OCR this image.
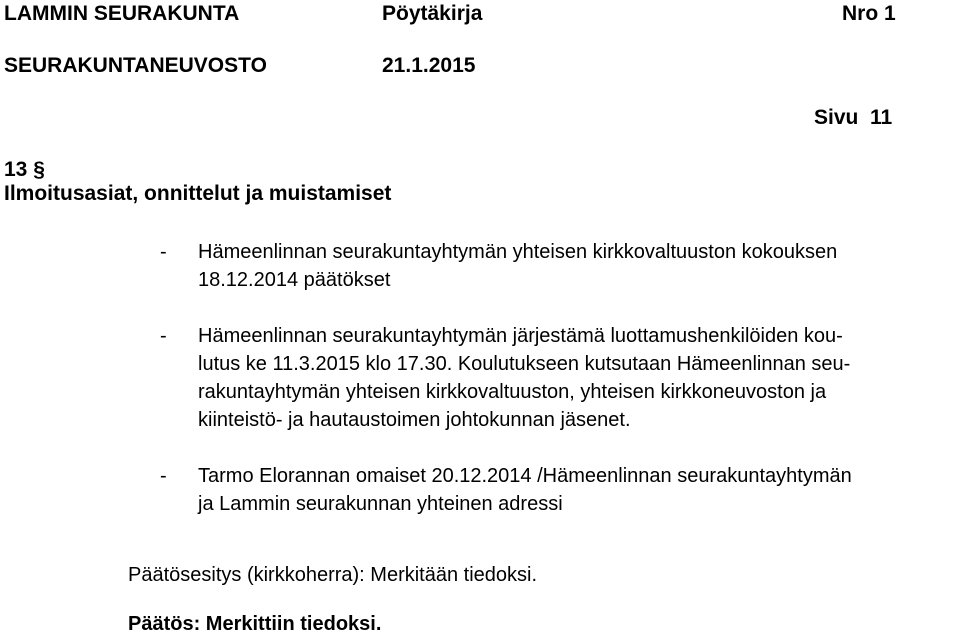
LAMMIN SEURAKUNTA	Pöytäkirja	Nro 1
SEURAKUNTANEUVOSTO	21.1.2015
Sivu  11
13 §
Ilmoitusasiat, onnittelut ja muistamiset
- Hämeenlinnan seurakuntayhtymän yhteisen kirkkovaltuuston kokouksen
18.12.2014 päätökset
- Hämeenlinnan seurakuntayhtymän järjestämä luottamushenkilöiden kou-
lutus ke 11.3.2015 klo 17.30. Koulutukseen kutsutaan Hämeenlinnan seu-
rakuntayhtymän yhteisen kirkkovaltuuston, yhteisen kirkkoneuvoston ja
kiinteistö- ja hautaustoimen johtokunnan jäsenet.
- Tarmo Elorannan omaiset 20.12.2014 /Hämeenlinnan seurakuntayhtymän
ja Lammin seurakunnan yhteinen adressi
Päätösesitys (kirkkoherra): Merkitään tiedoksi.
Päätös: Merkittiin tiedoksi.
